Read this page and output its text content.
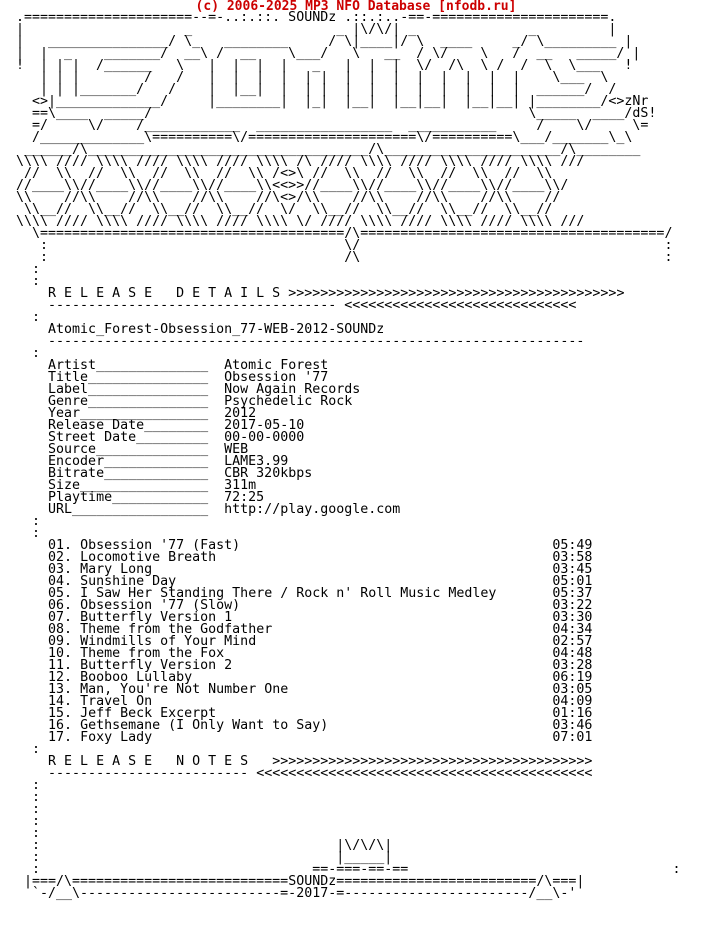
(c) 2006-2025 MP3 NFO Database [nfodb.ru]
.=====================--=-..:.::. SOUNDz .::.:..-==-======================.
|                    _                  _ |\/\/| _              _         |
|   _______________/ \_   ________     / \|____|/ \  ____     _/ \_________ |
|  |  _    _______/  __\ /  __    \___/   \   __  / \/    \   /  __   _____/ |
!  | | |  /______   \   |  |  |  |   _   |  |  |  \/  /\  \ /  /  \  \___   !
| | |        /   /   |  |  |  |  | |  |  |  |  |  |  |  |  |    \___  \
| | |_______/   /    |  |__|  |  | |  |  |  |  |  |  |  |  |  ______/  /
<>|_____________/     |________|  |_|  |__|  |__|__|  |__|__| |________/<>zNr
==\____  _____/                                               \_____  ____/dS!
=/     \/    /____________  _________________  ___________     /    \/     \=
/_____________\==========\/=====================\/==========\___/_______\_\
______/\___________________________________/\______________________/\________
\\\\ //// \\\\ //// \\\\ //// \\\\ /\ //// \\\\ //// \\\\ //// \\\\ ///
//  \\  //  \\  //  \\  //  \\ /<>\ //  \\  //  \\  //  \\  //  \\
//____\\//____\\//____\\//____\\<<>>//____\\//____\\//____\\//____\\/
\\    //\\    //\\    //\\    //\<>/\\    //\\    //\\    //\\    //
\\__//  \\__//  \\__//  \\__//  \/  \\__//  \\__//  \\__//  \\__//
\\\\ //// \\\\ //// \\\\ //// \\\\ \/ //// \\\\ //// \\\\ //// \\\\ ///
\======================================/\======================================/
:                                     \/                                      :
:                                     /\                                      :
:
:
R E L E A S E   D E T A I L S >>>>>>>>>>>>>>>>>>>>>>>>>>>>>>>>>>>>>>>>>>
------------------------------------ <<<<<<<<<<<<<<<<<<<<<<<<<<<<<
:
Atomic_Forest-Obsession_77-WEB-2012-SOUNDz
-------------------------------------------------------------------
:
Artist______________ Atomic Forest
Title_______________ Obsession '77
Label_______________ Now Again Records
Genre_______________ Psychedelic Rock
Year________________ 2012
Release Date________ 2017-05-10
Street Date_________ 00-00-0000
Source______________ WEB
Encoder_____________ LAME3.99
Bitrate_____________ CBR 320kbps
Size________________ 311m
Playtime____________ 72:25
URL_________________ http://play.google.com
:
:
01. Obsession '77 (Fast)                                       05:49
02. Locomotive Breath                                          03:58
03. Mary Long                                                  03:45
04. Sunshine Day                                               05:01
05. I Saw Her Standing There / Rock n' Roll Music Medley       05:37
06. Obsession '77 (Slow)                                       03:22
07. Butterfly Version 1                                        03:30
08. Theme from the Godfather                                   04:34
09. Windmills of Your Mind                                     02:57
10. Theme from the Fox                                         04:48
11. Butterfly Version 2                                        03:28
12. Booboo Lullaby                                             06:19
13. Man, You're Not Number One                                 03:05
14. Travel On                                                  04:09
15. Jeff Beck Excerpt                                          01:16
16. Gethsemane (I Only Want to Say)                            03:46
17. Foxy Lady                                                  07:01
:
R E L E A S E   N O T E S >>>>>>>>>>>>>>>>>>>>>>>>>>>>>>>>>>>>>>>>
------------------------- <<<<<<<<<<<<<<<<<<<<<<<<<<<<<<<<<<<<<<<<<<
:
:
:
:
:
:	|\/\/\|
:	|_____|
:                                  ==-===-==-==                                 :
|===/\===========================SOUNDz=========================/\===|
`-/__\-------------------------=-2017-=-----------------------/__\-'
